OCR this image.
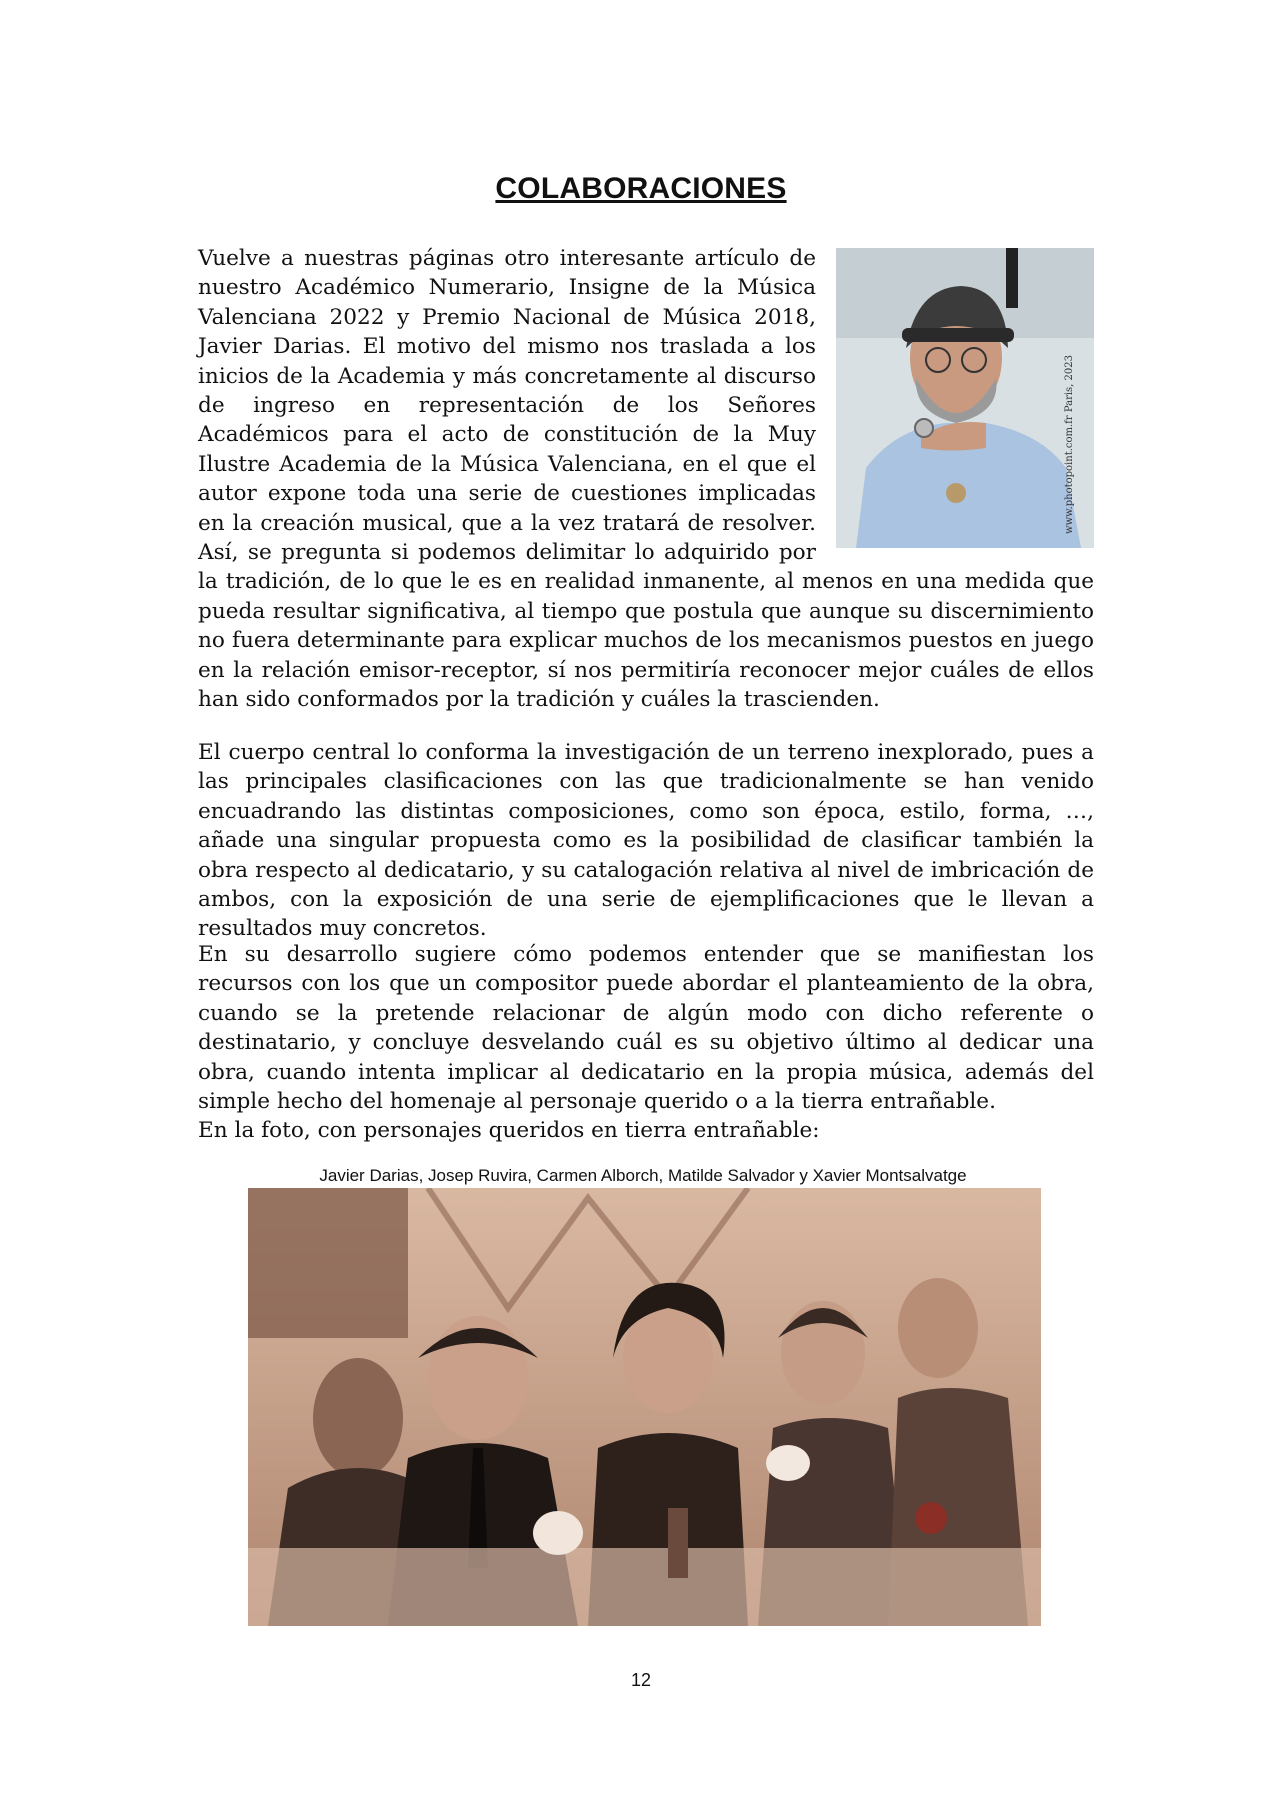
COLABORACIONES
www.photopoint.com.fr Paris, 2023
Vuelve a nuestras páginas otro interesante artículo de nuestro Académico Numerario, Insigne de la Música Valenciana 2022 y Premio Nacional de Música 2018, Javier Darias. El motivo del mismo nos traslada a los inicios de la Academia y más concretamente al discurso de ingreso en representación de los Señores Académicos para el acto de constitución de la Muy Ilustre Academia de la Música Valenciana, en el que el autor expone toda una serie de cuestiones implicadas en la creación musical, que a la vez tratará de resolver. Así, se pregunta si podemos delimitar lo adquirido por la tradición, de lo que le es en realidad inmanente, al menos en una medida que pueda resultar significativa, al tiempo que postula que aunque su discernimiento no fuera determinante para explicar muchos de los mecanismos puestos en juego en la relación emisor-receptor, sí nos permitiría reconocer mejor cuáles de ellos han sido conformados por la tradición y cuáles la trascienden.
El cuerpo central lo conforma la investigación de un terreno inexplorado, pues a las principales clasificaciones con las que tradicionalmente se han venido encuadrando las distintas composiciones, como son época, estilo, forma, …, añade una singular propuesta como es la posibilidad de clasificar también la obra respecto al dedicatario, y su catalogación relativa al nivel de imbricación de ambos, con la exposición de una serie de ejemplificaciones que le llevan a resultados muy concretos.
En su desarrollo sugiere cómo podemos entender que se manifiestan los recursos con los que un compositor puede abordar el planteamiento de la obra, cuando se la pretende relacionar de algún modo con dicho referente o destinatario, y concluye desvelando cuál es su objetivo último al dedicar una obra, cuando intenta implicar al dedicatario en la propia música, además del simple hecho del homenaje al personaje querido o a la tierra entrañable.
En la foto, con personajes queridos en tierra entrañable:
Javier Darias, Josep Ruvira, Carmen Alborch, Matilde Salvador y Xavier Montsalvatge
12
